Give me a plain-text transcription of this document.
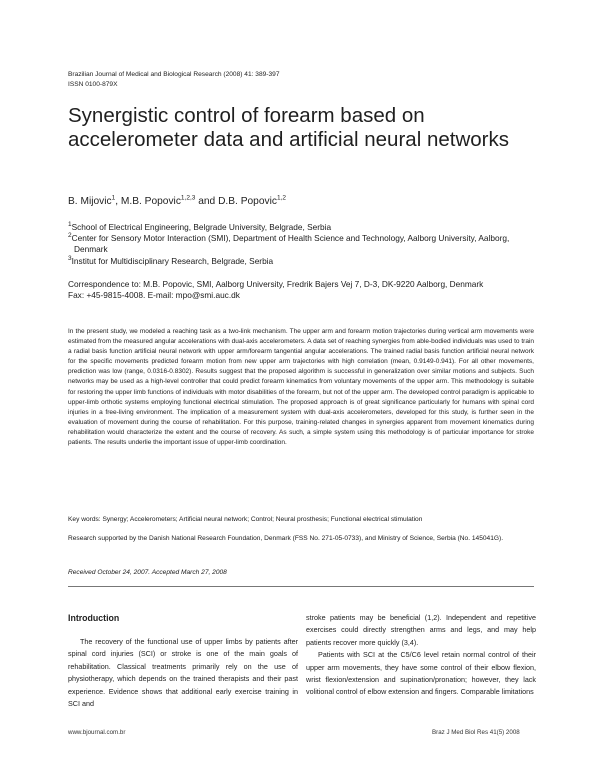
Brazilian Journal of Medical and Biological Research (2008) 41: 389-397
ISSN 0100-879X
Synergistic control of forearm based on accelerometer data and artificial neural networks
B. Mijovic$^1$, M.B. Popovic$^{1,2,3}$ and D.B. Popovic$^{1,2}$
$^1$School of Electrical Engineering, Belgrade University, Belgrade, Serbia
$^2$Center for Sensory Motor Interaction (SMI), Department of Health Science and Technology, Aalborg University, Aalborg, Denmark
$^3$Institut for Multidisciplinary Research, Belgrade, Serbia
Correspondence to: M.B. Popovic, SMI, Aalborg University, Fredrik Bajers Vej 7, D-3, DK-9220 Aalborg, Denmark
Fax: +45-9815-4008. E-mail: mpo@smi.auc.dk
In the present study, we modeled a reaching task as a two-link mechanism. The upper arm and forearm motion trajectories during vertical arm movements were estimated from the measured angular accelerations with dual-axis accelerometers. A data set of reaching synergies from able-bodied individuals was used to train a radial basis function artificial neural network with upper arm/forearm tangential angular accelerations. The trained radial basis function artificial neural network for the specific movements predicted forearm motion from new upper arm trajectories with high correlation (mean, 0.9149-0.941). For all other movements, prediction was low (range, 0.0316-0.8302). Results suggest that the proposed algorithm is successful in generalization over similar motions and subjects. Such networks may be used as a high-level controller that could predict forearm kinematics from voluntary movements of the upper arm. This methodology is suitable for restoring the upper limb functions of individuals with motor disabilities of the forearm, but not of the upper arm. The developed control paradigm is applicable to upper-limb orthotic systems employing functional electrical stimulation. The proposed approach is of great significance particularly for humans with spinal cord injuries in a free-living environment. The implication of a measurement system with dual-axis accelerometers, developed for this study, is further seen in the evaluation of movement during the course of rehabilitation. For this purpose, training-related changes in synergies apparent from movement kinematics during rehabilitation would characterize the extent and the course of recovery. As such, a simple system using this methodology is of particular importance for stroke patients. The results underlie the important issue of upper-limb coordination.
Key words: Synergy; Accelerometers; Artificial neural network; Control; Neural prosthesis; Functional electrical stimulation
Research supported by the Danish National Research Foundation, Denmark (FSS No. 271-05-0733), and Ministry of Science, Serbia (No. 145041G).
Received October 24, 2007. Accepted March 27, 2008
Introduction
The recovery of the functional use of upper limbs by patients after spinal cord injuries (SCI) or stroke is one of the main goals of rehabilitation. Classical treatments primarily rely on the use of physiotherapy, which depends on the trained therapists and their past experience. Evidence shows that additional early exercise training in SCI and

stroke patients may be beneficial (1,2). Independent and repetitive exercises could directly strengthen arms and legs, and may help patients recover more quickly (3,4).

Patients with SCI at the C5/C6 level retain normal control of their upper arm movements, they have some control of their elbow flexion, wrist flexion/extension and supination/pronation; however, they lack volitional control of elbow extension and fingers. Comparable limitations

www.bjournal.com.br	Braz J Med Biol Res 41(5) 2008
